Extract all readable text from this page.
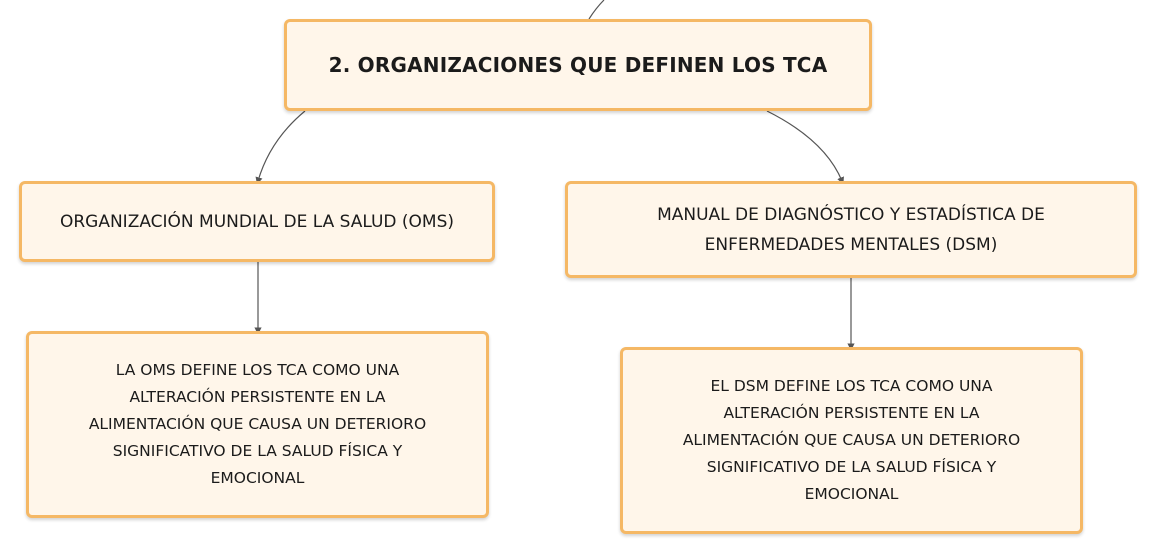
2. ORGANIZACIONES QUE DEFINEN LOS TCA
ORGANIZACIÓN MUNDIAL DE LA SALUD (OMS)	MANUAL DE DIAGNÓSTICO Y ESTADÍSTICA DE ENFERMEDADES MENTALES (DSM)
LA OMS DEFINE LOS TCA COMO UNA ALTERACIÓN PERSISTENTE EN LA ALIMENTACIÓN QUE CAUSA UN DETERIORO SIGNIFICATIVO DE LA SALUD FÍSICA Y EMOCIONAL
EL DSM DEFINE LOS TCA COMO UNA ALTERACIÓN PERSISTENTE EN LA ALIMENTACIÓN QUE CAUSA UN DETERIORO SIGNIFICATIVO DE LA SALUD FÍSICA Y EMOCIONAL
